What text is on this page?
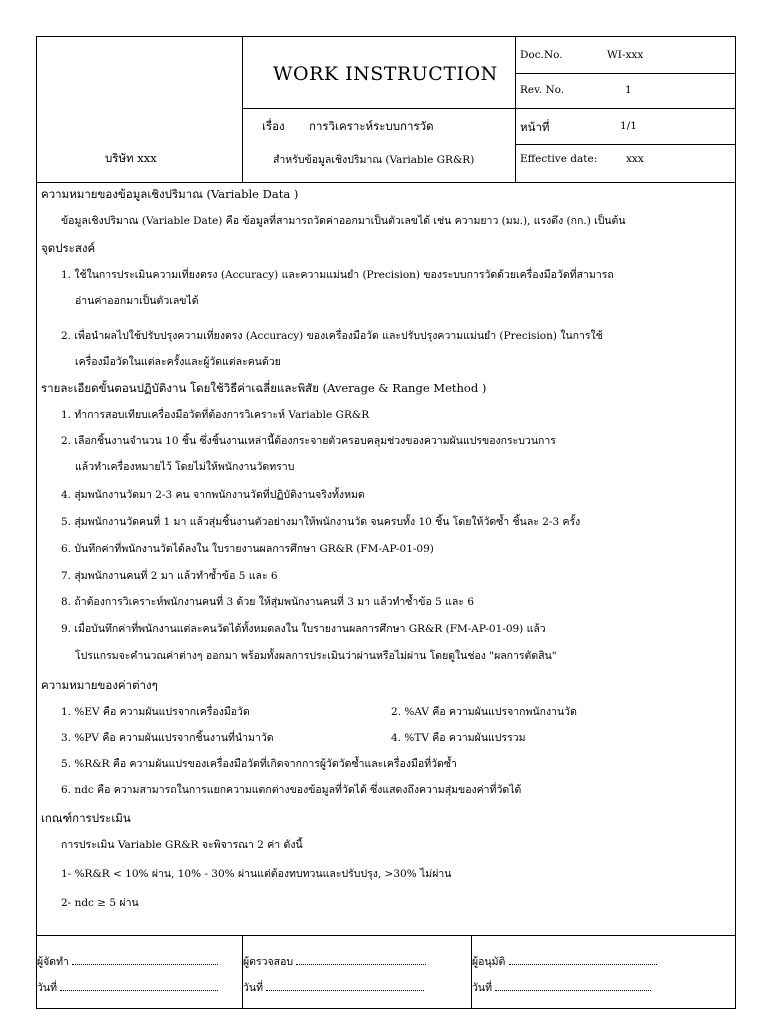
บริษัท xxx
WORK INSTRUCTION
เรื่อง การวิเคราะห์ระบบการวัด
สำหรับข้อมูลเชิงปริมาณ (Variable GR&R)
Doc.No.	WI-xxx
Rev. No.	1
หน้าที่	1/1
Effective date:	xxx
ความหมายของข้อมูลเชิงปริมาณ (Variable Data )
ข้อมูลเชิงปริมาณ (Variable Date) คือ ข้อมูลที่สามารถวัดค่าออกมาเป็นตัวเลขได้ เช่น ความยาว (มม.), แรงดึง (กก.) เป็นต้น
จุดประสงค์
1. ใช้ในการประเมินความเที่ยงตรง (Accuracy) และความแม่นยำ (Precision) ของระบบการวัดด้วยเครื่องมือวัดที่สามารถ
อ่านค่าออกมาเป็นตัวเลขได้
2. เพื่อนำผลไปใช้ปรับปรุงความเที่ยงตรง (Accuracy) ของเครื่องมือวัด และปรับปรุงความแม่นยำ (Precision) ในการใช้
เครื่องมือวัดในแต่ละครั้งและผู้วัดแต่ละคนด้วย
รายละเอียดขั้นตอนปฏิบัติงาน โดยใช้วิธีค่าเฉลี่ยและพิสัย (Average & Range Method )
1. ทำการสอบเทียบเครื่องมือวัดที่ต้องการวิเคราะห์ Variable GR&R
2. เลือกชิ้นงานจำนวน 10 ชิ้น ซึ่งชิ้นงานเหล่านี้ต้องกระจายตัวครอบคลุมช่วงของความผันแปรของกระบวนการ
แล้วทำเครื่องหมายไว้ โดยไม่ให้พนักงานวัดทราบ
4. สุ่มพนักงานวัดมา 2-3 คน จากพนักงานวัดที่ปฏิบัติงานจริงทั้งหมด
5. สุ่มพนักงานวัดคนที่ 1 มา แล้วสุ่มชิ้นงานตัวอย่างมาให้พนักงานวัด จนครบทั้ง 10 ชิ้น โดยให้วัดซ้ำ ชิ้นละ 2-3 ครั้ง
6. บันทึกค่าที่พนักงานวัดได้ลงใน ใบรายงานผลการศึกษา GR&R (FM-AP-01-09)
7. สุ่มพนักงานคนที่ 2 มา แล้วทำซ้ำข้อ 5 และ 6
8. ถ้าต้องการวิเคราะห์พนักงานคนที่ 3 ด้วย ให้สุ่มพนักงานคนที่ 3 มา แล้วทำซ้ำข้อ 5 และ 6
9. เมื่อบันทึกค่าที่พนักงานแต่ละคนวัดได้ทั้งหมดลงใน ใบรายงานผลการศึกษา GR&R (FM-AP-01-09) แล้ว
โปรแกรมจะคำนวณค่าต่างๆ ออกมา พร้อมทั้งผลการประเมินว่าผ่านหรือไม่ผ่าน โดยดูในช่อง "ผลการตัดสิน"
ความหมายของค่าต่างๆ
1. %EV คือ ความผันแปรจากเครื่องมือวัด	2. %AV คือ ความผันแปรจากพนักงานวัด
3. %PV คือ ความผันแปรจากชิ้นงานที่นำมาวัด	4. %TV คือ ความผันแปรรวม
5. %R&R คือ ความผันแปรของเครื่องมือวัดที่เกิดจากการผู้วัดวัดซ้ำและเครื่องมือที่วัดซ้ำ
6. ndc คือ ความสามารถในการแยกความแตกต่างของข้อมูลที่วัดได้ ซึ่งแสดงถึงความสุ่มของค่าที่วัดได้
เกณฑ์การประเมิน
การประเมิน Variable GR&R จะพิจารณา 2 ค่า ดังนี้
1- %R&R < 10% ผ่าน, 10% - 30% ผ่านแต่ต้องทบทวนและปรับปรุง, >30% ไม่ผ่าน
2- ndc ≥ 5 ผ่าน
ผู้จัดทำ
วันที่
ผู้ตรวจสอบ
วันที่
ผู้อนุมัติ
วันที่
